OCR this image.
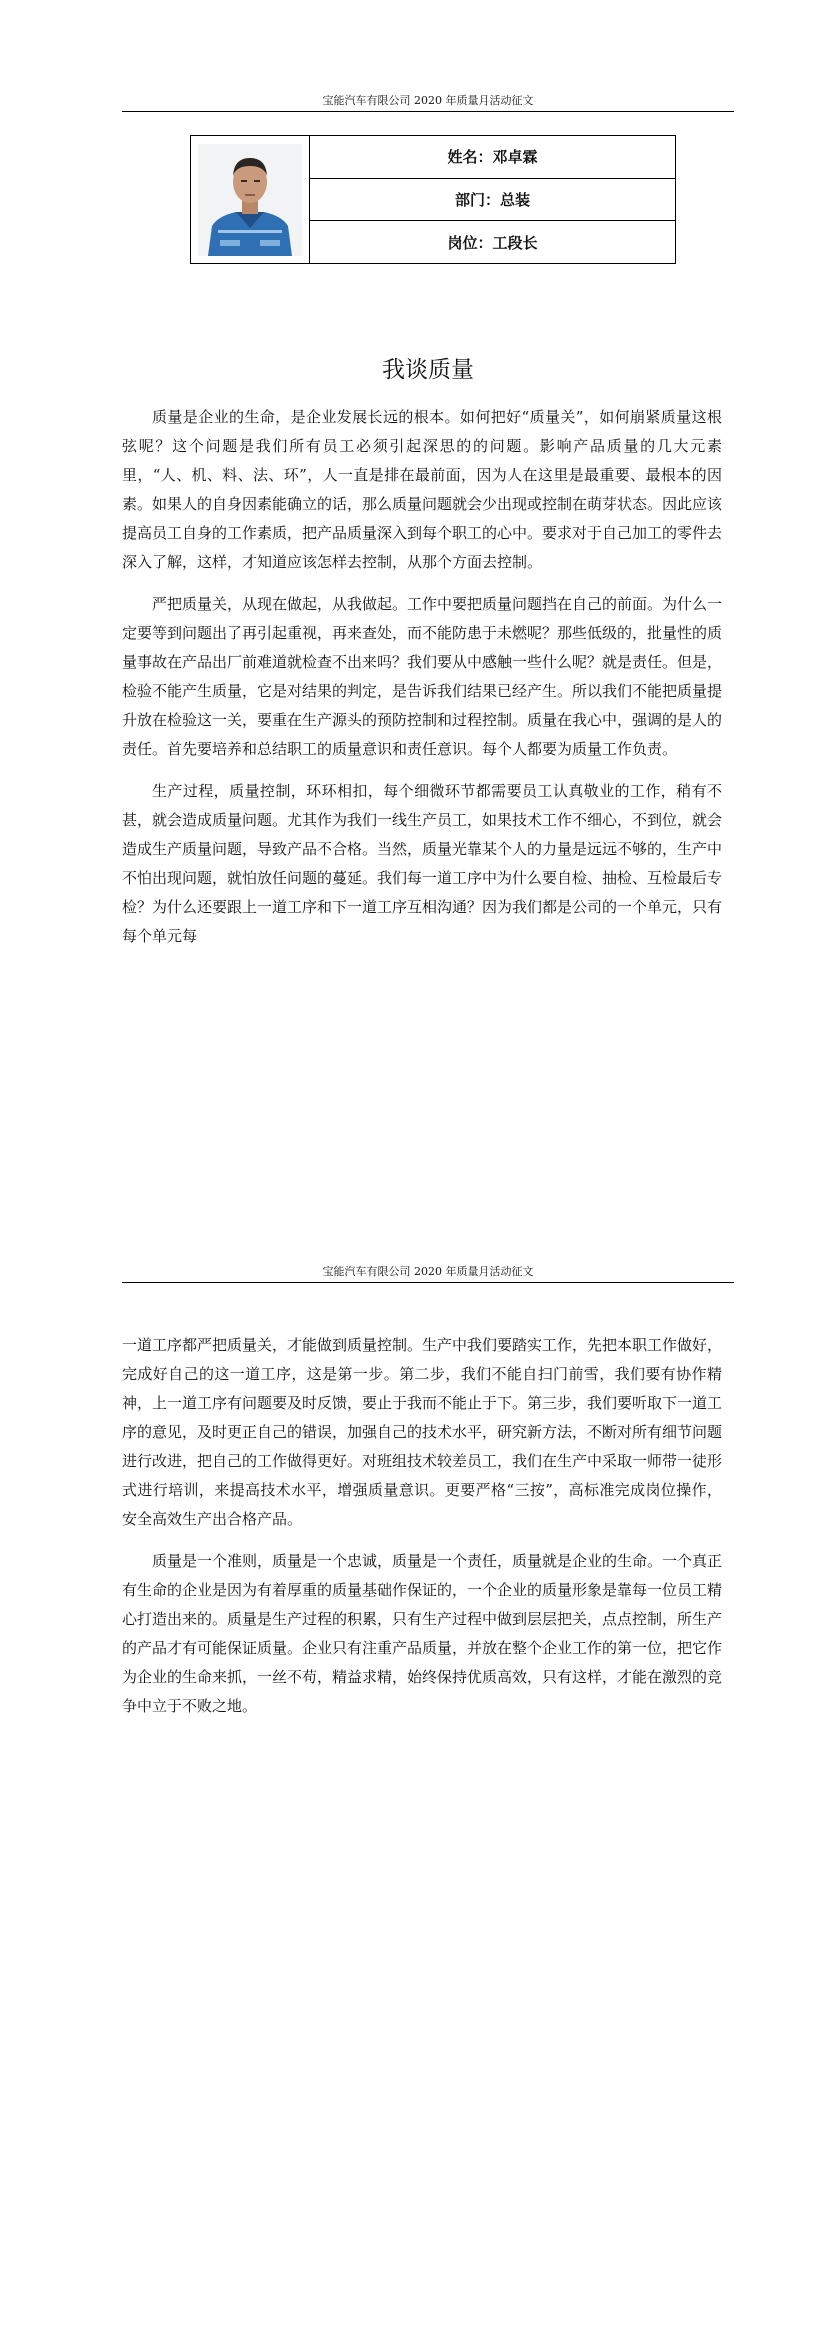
宝能汽车有限公司 2020 年质量月活动征文
姓名：邓卓霖
部门：总装
岗位：工段长
我谈质量

质量是企业的生命，是企业发展长远的根本。如何把好“质量关”，如何崩紧质量这根弦呢？这个问题是我们所有员工必须引起深思的的问题。影响产品质量的几大元素里，“人、机、料、法、环”，人一直是排在最前面，因为人在这里是最重要、最根本的因素。如果人的自身因素能确立的话，那么质量问题就会少出现或控制在萌芽状态。因此应该提高员工自身的工作素质，把产品质量深入到每个职工的心中。要求对于自己加工的零件去深入了解，这样，才知道应该怎样去控制，从那个方面去控制。

严把质量关，从现在做起，从我做起。工作中要把质量问题挡在自己的前面。为什么一定要等到问题出了再引起重视，再来查处，而不能防患于未燃呢？那些低级的，批量性的质量事故在产品出厂前难道就检查不出来吗？我们要从中感触一些什么呢？就是责任。但是，检验不能产生质量，它是对结果的判定，是告诉我们结果已经产生。所以我们不能把质量提升放在检验这一关，要重在生产源头的预防控制和过程控制。质量在我心中，强调的是人的责任。首先要培养和总结职工的质量意识和责任意识。每个人都要为质量工作负责。

生产过程，质量控制，环环相扣，每个细微环节都需要员工认真敬业的工作，稍有不甚，就会造成质量问题。尤其作为我们一线生产员工，如果技术工作不细心，不到位，就会造成生产质量问题，导致产品不合格。当然，质量光靠某个人的力量是远远不够的，生产中不怕出现问题，就怕放任问题的蔓延。我们每一道工序中为什么要自检、抽检、互检最后专检？为什么还要跟上一道工序和下一道工序互相沟通？因为我们都是公司的一个单元，只有每个单元每

宝能汽车有限公司 2020 年质量月活动征文

一道工序都严把质量关，才能做到质量控制。生产中我们要踏实工作，先把本职工作做好，完成好自己的这一道工序，这是第一步。第二步，我们不能自扫门前雪，我们要有协作精神，上一道工序有问题要及时反馈，要止于我而不能止于下。第三步，我们要听取下一道工序的意见，及时更正自己的错误，加强自己的技术水平，研究新方法，不断对所有细节问题进行改进，把自己的工作做得更好。对班组技术较差员工，我们在生产中采取一师带一徒形式进行培训，来提高技术水平，增强质量意识。更要严格“三按”，高标准完成岗位操作，安全高效生产出合格产品。

质量是一个准则，质量是一个忠诚，质量是一个责任，质量就是企业的生命。一个真正有生命的企业是因为有着厚重的质量基础作保证的，一个企业的质量形象是靠每一位员工精心打造出来的。质量是生产过程的积累，只有生产过程中做到层层把关，点点控制，所生产的产品才有可能保证质量。企业只有注重产品质量，并放在整个企业工作的第一位，把它作为企业的生命来抓，一丝不苟，精益求精，始终保持优质高效，只有这样，才能在激烈的竞争中立于不败之地。
